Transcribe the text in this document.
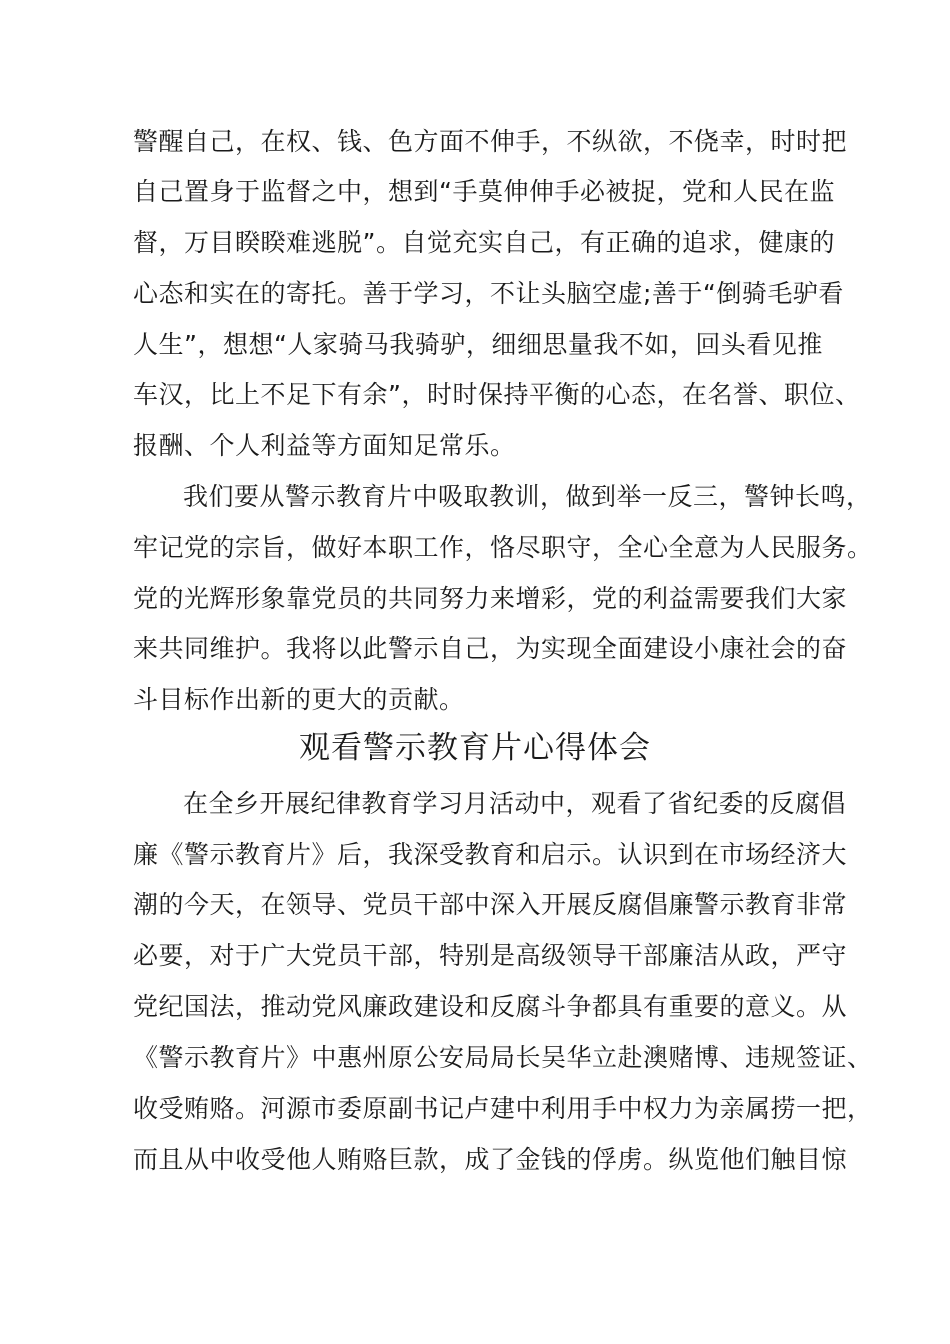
警醒自己，在权、钱、色方面不伸手，不纵欲，不侥幸，时时把
自己置身于监督之中，想到“手莫伸伸手必被捉，党和人民在监
督，万目睽睽难逃脱”。自觉充实自己，有正确的追求，健康的
心态和实在的寄托。善于学习，不让头脑空虚;善于“倒骑毛驴看
人生”，想想“人家骑马我骑驴，细细思量我不如，回头看见推
车汉，比上不足下有余”，时时保持平衡的心态，在名誉、职位、
报酬、个人利益等方面知足常乐。
我们要从警示教育片中吸取教训，做到举一反三，警钟长鸣，
牢记党的宗旨，做好本职工作，恪尽职守，全心全意为人民服务。
党的光辉形象靠党员的共同努力来增彩，党的利益需要我们大家
来共同维护。我将以此警示自己，为实现全面建设小康社会的奋
斗目标作出新的更大的贡献。
观看警示教育片心得体会
在全乡开展纪律教育学习月活动中，观看了省纪委的反腐倡
廉《警示教育片》后，我深受教育和启示。认识到在市场经济大
潮的今天，在领导、党员干部中深入开展反腐倡廉警示教育非常
必要，对于广大党员干部，特别是高级领导干部廉洁从政，严守
党纪国法，推动党风廉政建设和反腐斗争都具有重要的意义。从
《警示教育片》中惠州原公安局局长吴华立赴澳赌博、违规签证、
收受贿赂。河源市委原副书记卢建中利用手中权力为亲属捞一把，
而且从中收受他人贿赂巨款，成了金钱的俘虏。纵览他们触目惊
